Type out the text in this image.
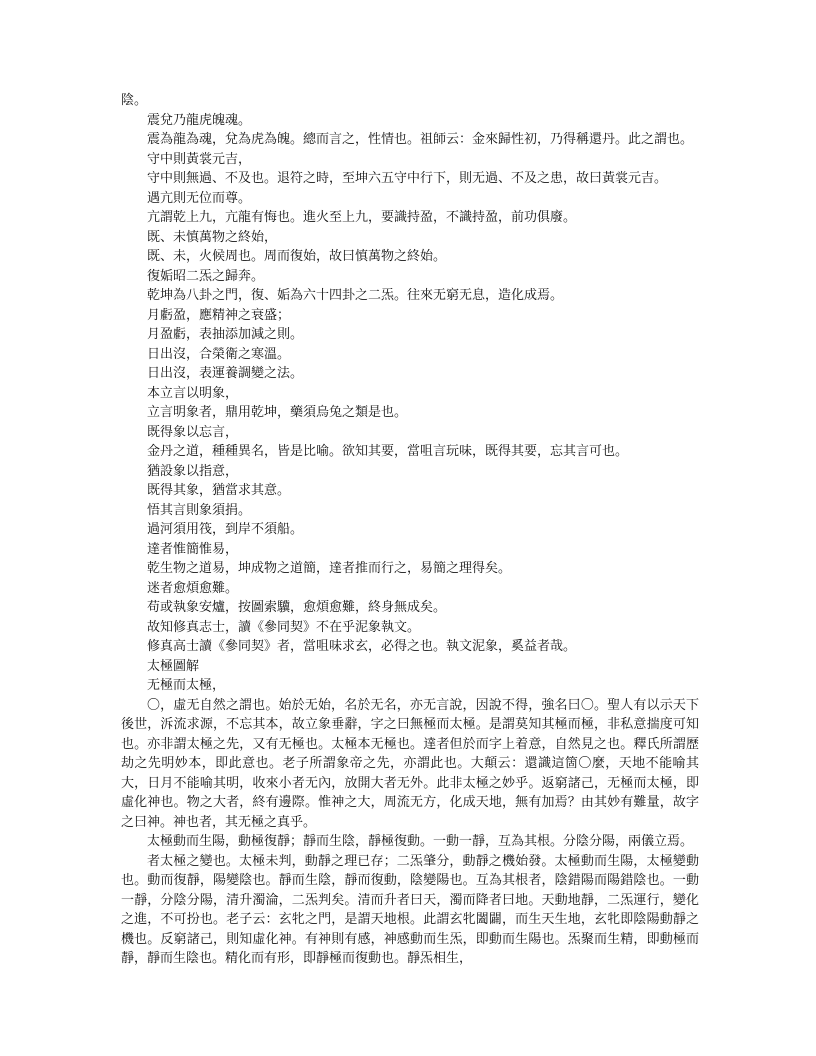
陰。

震兌乃龍虎魄魂。

震為龍為魂，兌為虎為魄。總而言之，性情也。祖師云：金來歸性初，乃得稱還丹。此之謂也。

守中則黃裳元吉，

守中則無過、不及也。退符之時，至坤六五守中行下，則无過、不及之患，故曰黃裳元吉。

遇亢則无位而尊。

亢謂乾上九，亢龍有悔也。進火至上九，要識持盈，不識持盈，前功俱廢。

既、未慎萬物之終始，

既、未，火候周也。周而復始，故曰慎萬物之終始。

復姤昭二炁之歸奔。

乾坤為八卦之門，復、姤為六十四卦之二炁。往來无窮无息，造化成焉。

月虧盈，應精神之衰盛；

月盈虧，表抽添加減之則。

日出沒，合榮衛之寒溫。

日出沒，表運養調變之法。

本立言以明象，

立言明象者，鼎用乾坤，藥須烏兔之類是也。

既得象以忘言，

金丹之道，種種異名，皆是比喻。欲知其要，當咀言玩味，既得其要，忘其言可也。

猶設象以指意，

既得其象，猶當求其意。

悟其言則象須捐。

過河須用筏，到岸不須船。

達者惟簡惟易，

乾生物之道易，坤成物之道簡，達者推而行之，易簡之理得矣。

迷者愈煩愈難。

苟或執象安爐，按圖索驥，愈煩愈難，終身無成矣。

故知修真志士，讀《參同契》不在乎泥象執文。

修真高士讀《參同契》者，當咀味求玄，必得之也。執文泥象，奚益者哉。

太極圖解

无極而太極，

〇，虛无自然之謂也。始於无始，名於无名，亦无言說，因說不得，強名曰〇。聖人有以示天下後世，泝流求源，不忘其本，故立象垂辭，字之曰無極而太極。是謂莫知其極而極，非私意揣度可知也。亦非謂太極之先，又有无極也。太極本无極也。達者但於而字上着意，自然見之也。釋氏所謂歷劫之先明妙本，即此意也。老子所謂象帝之先，亦謂此也。大顛云：還識這箇〇麼，天地不能喻其大，日月不能喻其明，收來小者无內，放開大者无外。此非太極之妙乎。返窮諸己，无極而太極，即虛化神也。物之大者，終有邊際。惟神之大，周流无方，化成天地，無有加焉？由其妙有難量，故字之曰神。神也者，其无極之真乎。

太極動而生陽，動極復靜；靜而生陰，靜極復動。一動一靜，互為其根。分陰分陽，兩儀立焉。

者太極之變也。太極未判，動靜之理已存；二炁肇分，動靜之機始發。太極動而生陽，太極變動也。動而復靜，陽變陰也。靜而生陰，靜而復動，陰變陽也。互為其根者，陰錯陽而陽錯陰也。一動一靜，分陰分陽，清升濁淪，二炁判矣。清而升者曰天，濁而降者曰地。天動地靜，二炁運行，變化之進，不可扮也。老子云：玄牝之門，是謂天地根。此謂玄牝闔闢，而生天生地，玄牝即陰陽動靜之機也。反窮諸己，則知虛化神。有神則有感，神感動而生炁，即動而生陽也。炁聚而生精，即動極而靜，靜而生陰也。精化而有形，即靜極而復動也。靜炁相生，
